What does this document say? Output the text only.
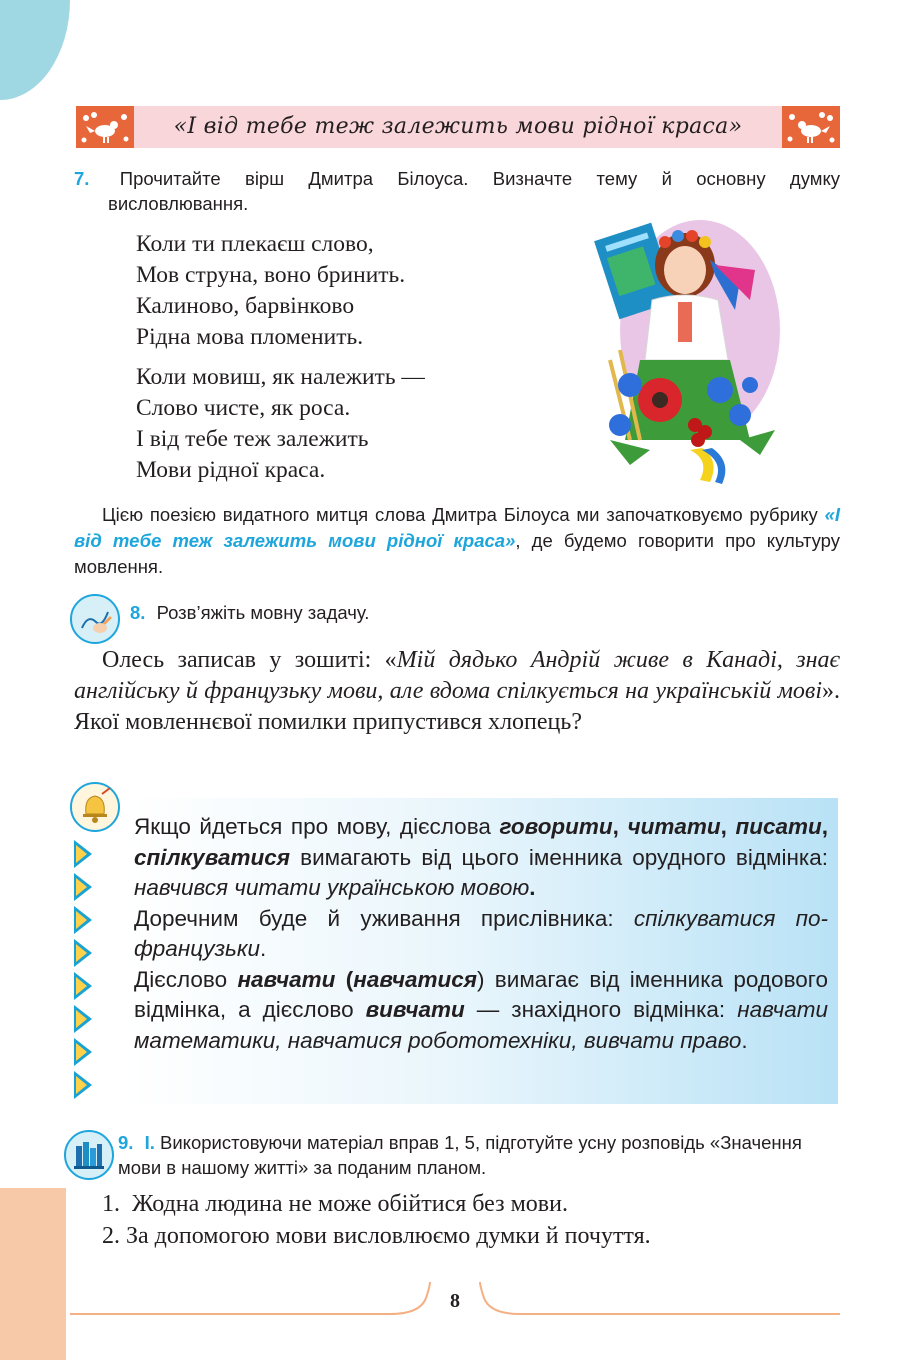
«І від тебе теж залежить мови рідної краса»
7. Прочитайте вірш Дмитра Білоуса. Визначте тему й основну думку
висловлювання.
Коли ти плекаєш слово,
Мов струна, воно бринить.
Калиново, барвінково
Рідна мова пломенить.
Коли мовиш, як належить —
Слово чисте, як роса.
І від тебе теж залежить
Мови рідної краса.
Цією поезією видатного митця слова Дмитра Білоуса ми започатковуємо рубрику «І від тебе теж залежить мови рідної краса», де будемо говорити про культуру мовлення.
8. Розв’яжіть мовну задачу.
Олесь записав у зошиті: «Мій дядько Андрій живе в Канаді, знає англійську й французьку мови, але вдома спілкується на українській мові». Якої мовленнєвої помилки припустився хлопець?
Якщо йдеться про мову, дієслова говорити, читати, писати, спілкуватися вимагають від цього іменника орудного відмінка: навчився читати українською мовою.
Доречним буде й уживання прислівника: спілкуватися по-французьки.
Дієслово навчати (навчатися) вимагає від іменника родового відмінка, а дієслово вивчати — знахідного відмінка: навчати математики, навчатися робототехніки, вивчати право.
9. І. Використовуючи матеріал вправ 1, 5, підготуйте усну розповідь «Значення мови в нашому житті» за поданим планом.
1.  Жодна людина не може обійтися без мови.
2. За допомогою мови висловлюємо думки й почуття.
8
